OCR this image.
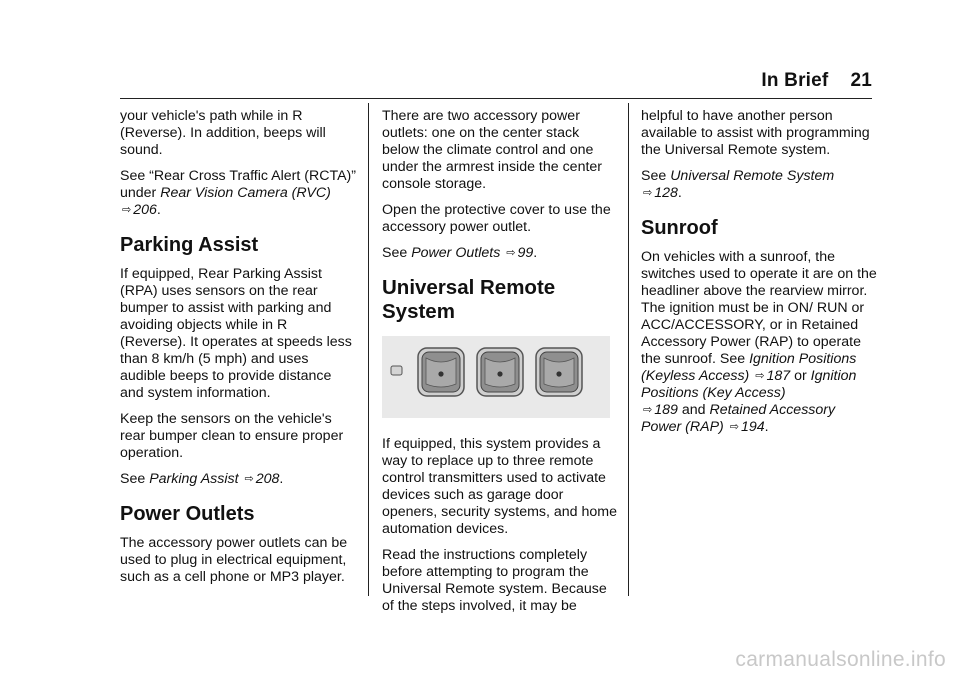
In Brief 21

your vehicle's path while in R (Reverse). In addition, beeps will sound.

See “Rear Cross Traffic Alert (RCTA)” under Rear Vision Camera (RVC) ⇨ 206.

Parking Assist

If equipped, Rear Parking Assist (RPA) uses sensors on the rear bumper to assist with parking and avoiding objects while in R (Reverse). It operates at speeds less than 8 km/h (5 mph) and uses audible beeps to provide distance and system information.

Keep the sensors on the vehicle's rear bumper clean to ensure proper operation.

See Parking Assist ⇨ 208.

Power Outlets

The accessory power outlets can be used to plug in electrical equipment, such as a cell phone or MP3 player.

There are two accessory power outlets: one on the center stack below the climate control and one under the armrest inside the center console storage.

Open the protective cover to use the accessory power outlet.

See Power Outlets ⇨ 99.

Universal Remote System

If equipped, this system provides a way to replace up to three remote control transmitters used to activate devices such as garage door openers, security systems, and home automation devices.

Read the instructions completely before attempting to program the Universal Remote system. Because of the steps involved, it may be

helpful to have another person available to assist with programming the Universal Remote system.

See Universal Remote System
⇨ 128.

Sunroof

On vehicles with a sunroof, the switches used to operate it are on the headliner above the rearview mirror. The ignition must be in ON/ RUN or ACC/ACCESSORY, or in Retained Accessory Power (RAP) to operate the sunroof. See Ignition Positions (Keyless Access) ⇨ 187 or Ignition Positions (Key Access)
⇨ 189 and Retained Accessory Power (RAP) ⇨ 194.

carmanualsonline.info
